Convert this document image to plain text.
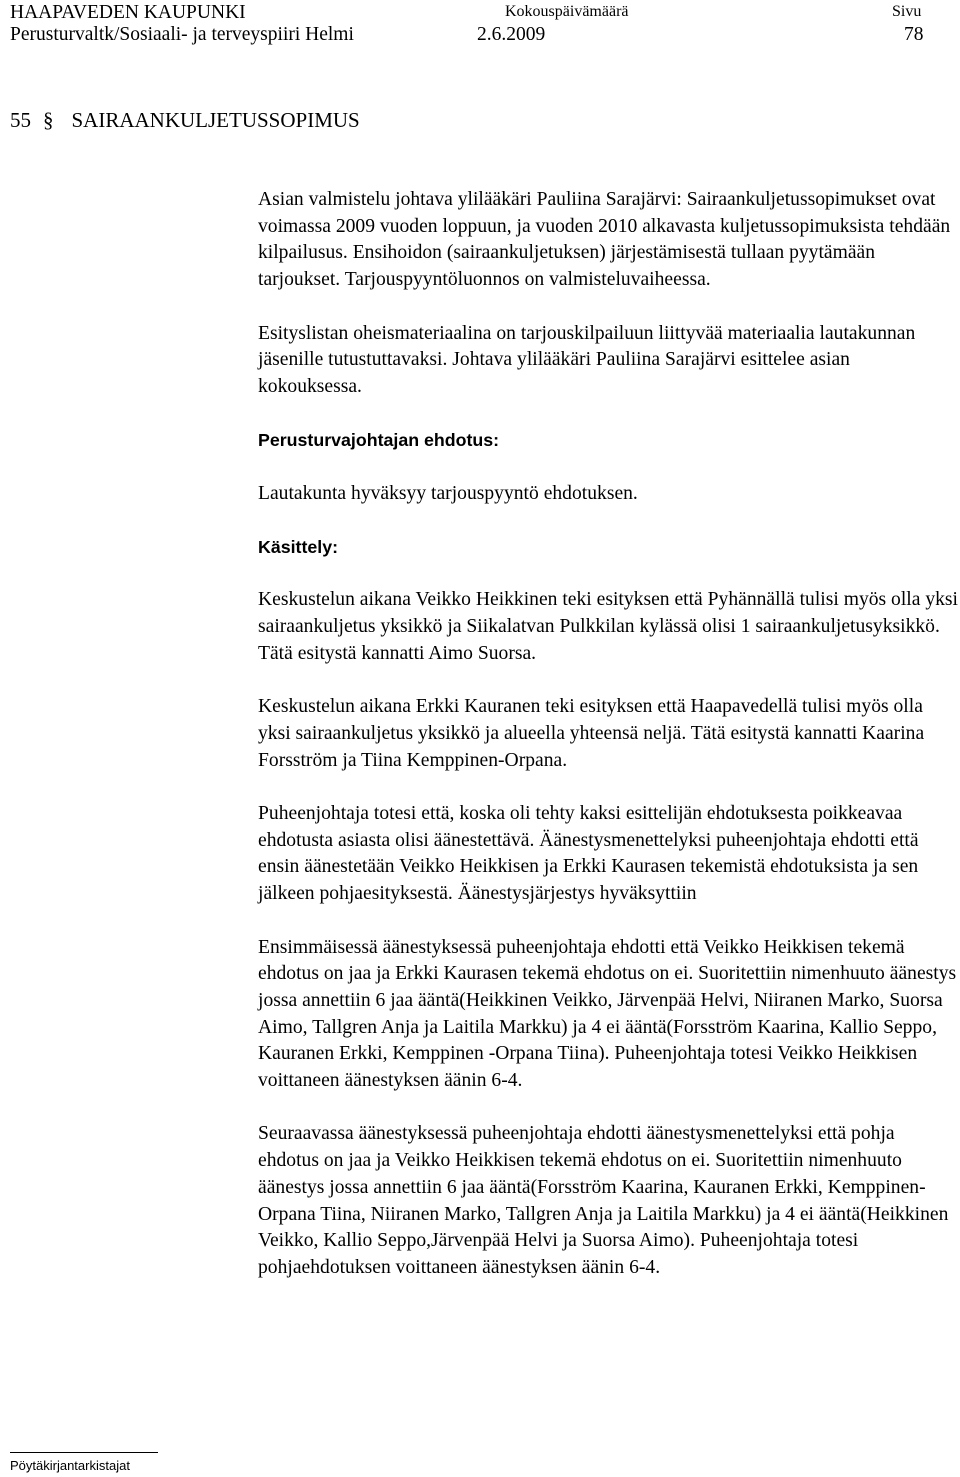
HAAPAVEDEN KAUPUNKI	Kokouspäivämäärä	Sivu
Perusturvaltk/Sosiaali- ja terveyspiiri Helmi	2.6.2009	78
55 § SAIRAANKULJETUSSOPIMUS

Asian valmistelu johtava ylilääkäri Pauliina Sarajärvi: Sairaankuljetussopimukset ovat voimassa 2009 vuoden loppuun, ja vuoden 2010 alkavasta kuljetussopimuksista tehdään kilpailusus. Ensihoidon (sairaankuljetuksen) järjestämisestä tullaan pyytämään tarjoukset. Tarjouspyyntöluonnos on valmisteluvaiheessa.

Esityslistan oheismateriaalina on tarjouskilpailuun liittyvää materiaalia lautakunnan jäsenille tutustuttavaksi. Johtava ylilääkäri Pauliina Sarajärvi esittelee asian kokouksessa.

Perusturvajohtajan ehdotus:

Lautakunta hyväksyy tarjouspyyntö ehdotuksen.

Käsittely:

Keskustelun aikana Veikko Heikkinen teki esityksen että Pyhännällä tulisi myös olla yksi sairaankuljetus yksikkö ja Siikalatvan Pulkkilan kylässä olisi 1 sairaankuljetusyksikkö. Tätä esitystä kannatti Aimo Suorsa.

Keskustelun aikana Erkki Kauranen teki esityksen että Haapavedellä tulisi myös olla yksi sairaankuljetus yksikkö ja alueella yhteensä neljä. Tätä esitystä kannatti Kaarina Forsström ja Tiina Kemppinen-Orpana.

Puheenjohtaja totesi että, koska oli tehty kaksi esittelijän ehdotuksesta poikkeavaa ehdotusta asiasta olisi äänestettävä. Äänestysmenettelyksi puheenjohtaja ehdotti että ensin äänestetään Veikko Heikkisen ja Erkki Kaurasen tekemistä ehdotuksista ja sen jälkeen pohjaesityksestä. Äänestysjärjestys hyväksyttiin

Ensimmäisessä äänestyksessä puheenjohtaja ehdotti että Veikko Heikkisen tekemä ehdotus on jaa ja Erkki Kaurasen tekemä ehdotus on ei. Suoritettiin nimenhuuto äänestys jossa annettiin 6 jaa ääntä(Heikkinen Veikko, Järvenpää Helvi, Niiranen Marko, Suorsa Aimo, Tallgren Anja ja Laitila Markku) ja 4 ei ääntä(Forsström Kaarina, Kallio Seppo, Kauranen Erkki, Kemppinen -Orpana Tiina). Puheenjohtaja totesi Veikko Heikkisen voittaneen äänestyksen äänin 6-4.

Seuraavassa äänestyksessä puheenjohtaja ehdotti äänestysmenettelyksi että pohja ehdotus on jaa ja Veikko Heikkisen tekemä ehdotus on ei. Suoritettiin nimenhuuto äänestys jossa annettiin 6 jaa ääntä(Forsström Kaarina, Kauranen Erkki, Kemppinen-Orpana Tiina, Niiranen Marko, Tallgren Anja ja Laitila Markku) ja 4 ei ääntä(Heikkinen Veikko, Kallio Seppo,Järvenpää Helvi ja Suorsa Aimo). Puheenjohtaja totesi pohjaehdotuksen voittaneen äänestyksen äänin 6-4.

Pöytäkirjantarkistajat
